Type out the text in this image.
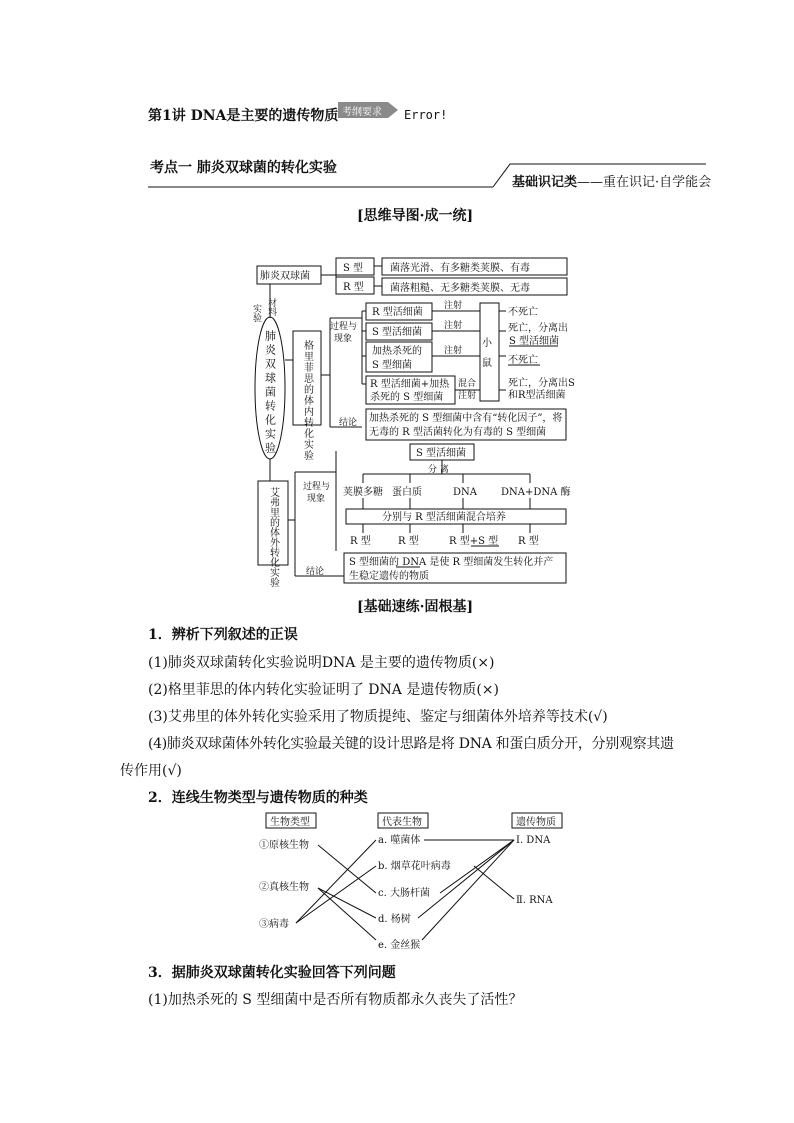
第1讲 DNA是主要的遗传物质 考纲要求 Error!
考点一 肺炎双球菌的转化实验
基础识记类——重在识记·自学能会
[思维导图·成一统]
肺炎双球菌
S 型
R 型
菌落光滑、有多糖类荚膜、有毒
菌落粗糙、无多糖类荚膜、无毒
实验 材料
肺炎双球菌转化实验	格里菲思的体内转化实验
过程与
现象
R 型活细菌
S 型活细菌
加热杀死的
S 型细菌
R 型活细菌+加热
杀死的 S 型细菌
注射
注射
注射
混合
注射
小鼠
不死亡
死亡，分离出
S 型活细菌
不死亡
死亡，分离出S
和R型活细菌
结论 加热杀死的 S 型细菌中含有“转化因子”，将
无毒的 R 型活菌转化为有毒的 S 型细菌
艾弗里的体外转化实验	过程与
现象
S 型活细菌
分 离
荚膜多糖 蛋白质	DNA DNA+DNA 酶
分别与 R 型活细菌混合培养
R 型	R 型	R 型+S 型 R 型
结论
S 型细菌的 DNA 是使 R 型细菌发生转化并产
生稳定遗传的物质
[基础速练·固根基]
1．辨析下列叙述的正误
(1)肺炎双球菌转化实验说明DNA 是主要的遗传物质(×)
(2)格里菲思的体内转化实验证明了 DNA 是遗传物质(×)
(3)艾弗里的体外转化实验采用了物质提纯、鉴定与细菌体外培养等技术(√)
(4)肺炎双球菌体外转化实验最关键的设计思路是将 DNA 和蛋白质分开，分别观察其遗
传作用(√)
2．连线生物类型与遗传物质的种类
生物类型	代表生物	遗传物质
①原核生物
②真核生物
③病毒
a. 噬菌体
b. 烟草花叶病毒
c. 大肠杆菌
d. 杨树
e. 金丝猴
Ⅰ. DNA
Ⅱ. RNA
3．据肺炎双球菌转化实验回答下列问题
(1)加热杀死的 S 型细菌中是否所有物质都永久丧失了活性？
